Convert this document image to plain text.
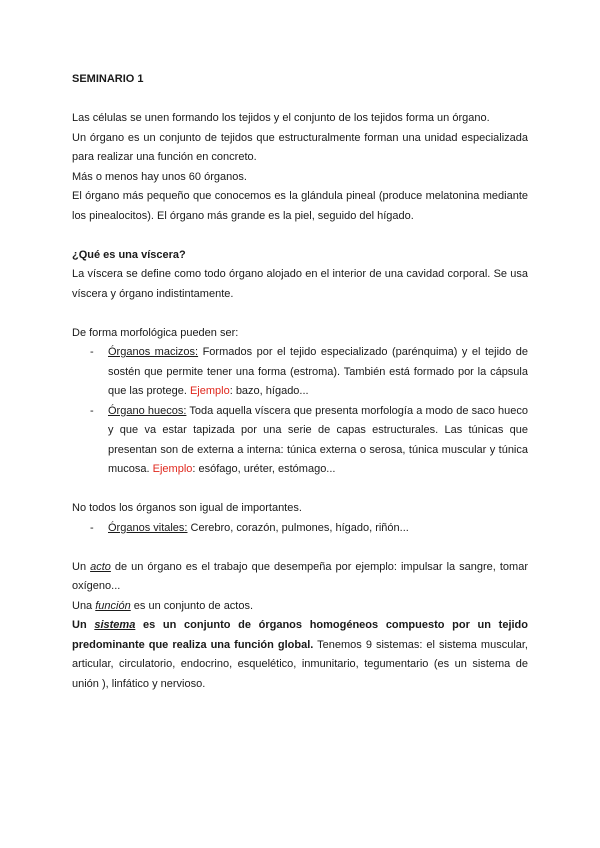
SEMINARIO 1

Las células se unen formando los tejidos y el conjunto de los tejidos forma un órgano.

Un órgano es un conjunto de tejidos que estructuralmente forman una unidad especializada para realizar una función en concreto.

Más o menos hay unos 60 órganos.

El órgano más pequeño que conocemos es la glándula pineal (produce melatonina mediante los pinealocitos). El órgano más grande es la piel, seguido del hígado.

¿Qué es una víscera?

La víscera se define como todo órgano alojado en el interior de una cavidad corporal. Se usa víscera y órgano indistintamente.

De forma morfológica pueden ser:

- Órganos macizos: Formados por el tejido especializado (parénquima) y el tejido de sostén que permite tener una forma (estroma). También está formado por la cápsula que las protege. Ejemplo: bazo, hígado...
- Órgano huecos: Toda aquella víscera que presenta morfología a modo de saco hueco y que va estar tapizada por una serie de capas estructurales. Las túnicas que presentan son de externa a interna: túnica externa o serosa, túnica muscular y túnica mucosa. Ejemplo: esófago, uréter, estómago...

No todos los órganos son igual de importantes.

- Órganos vitales: Cerebro, corazón, pulmones, hígado, riñón...

Un acto de un órgano es el trabajo que desempeña por ejemplo: impulsar la sangre, tomar oxígeno...

Una función es un conjunto de actos.

Un sistema es un conjunto de órganos homogéneos compuesto por un tejido predominante que realiza una función global. Tenemos 9 sistemas: el sistema muscular, articular, circulatorio, endocrino, esquelético, inmunitario, tegumentario (es un sistema de unión ), linfático y nervioso.
